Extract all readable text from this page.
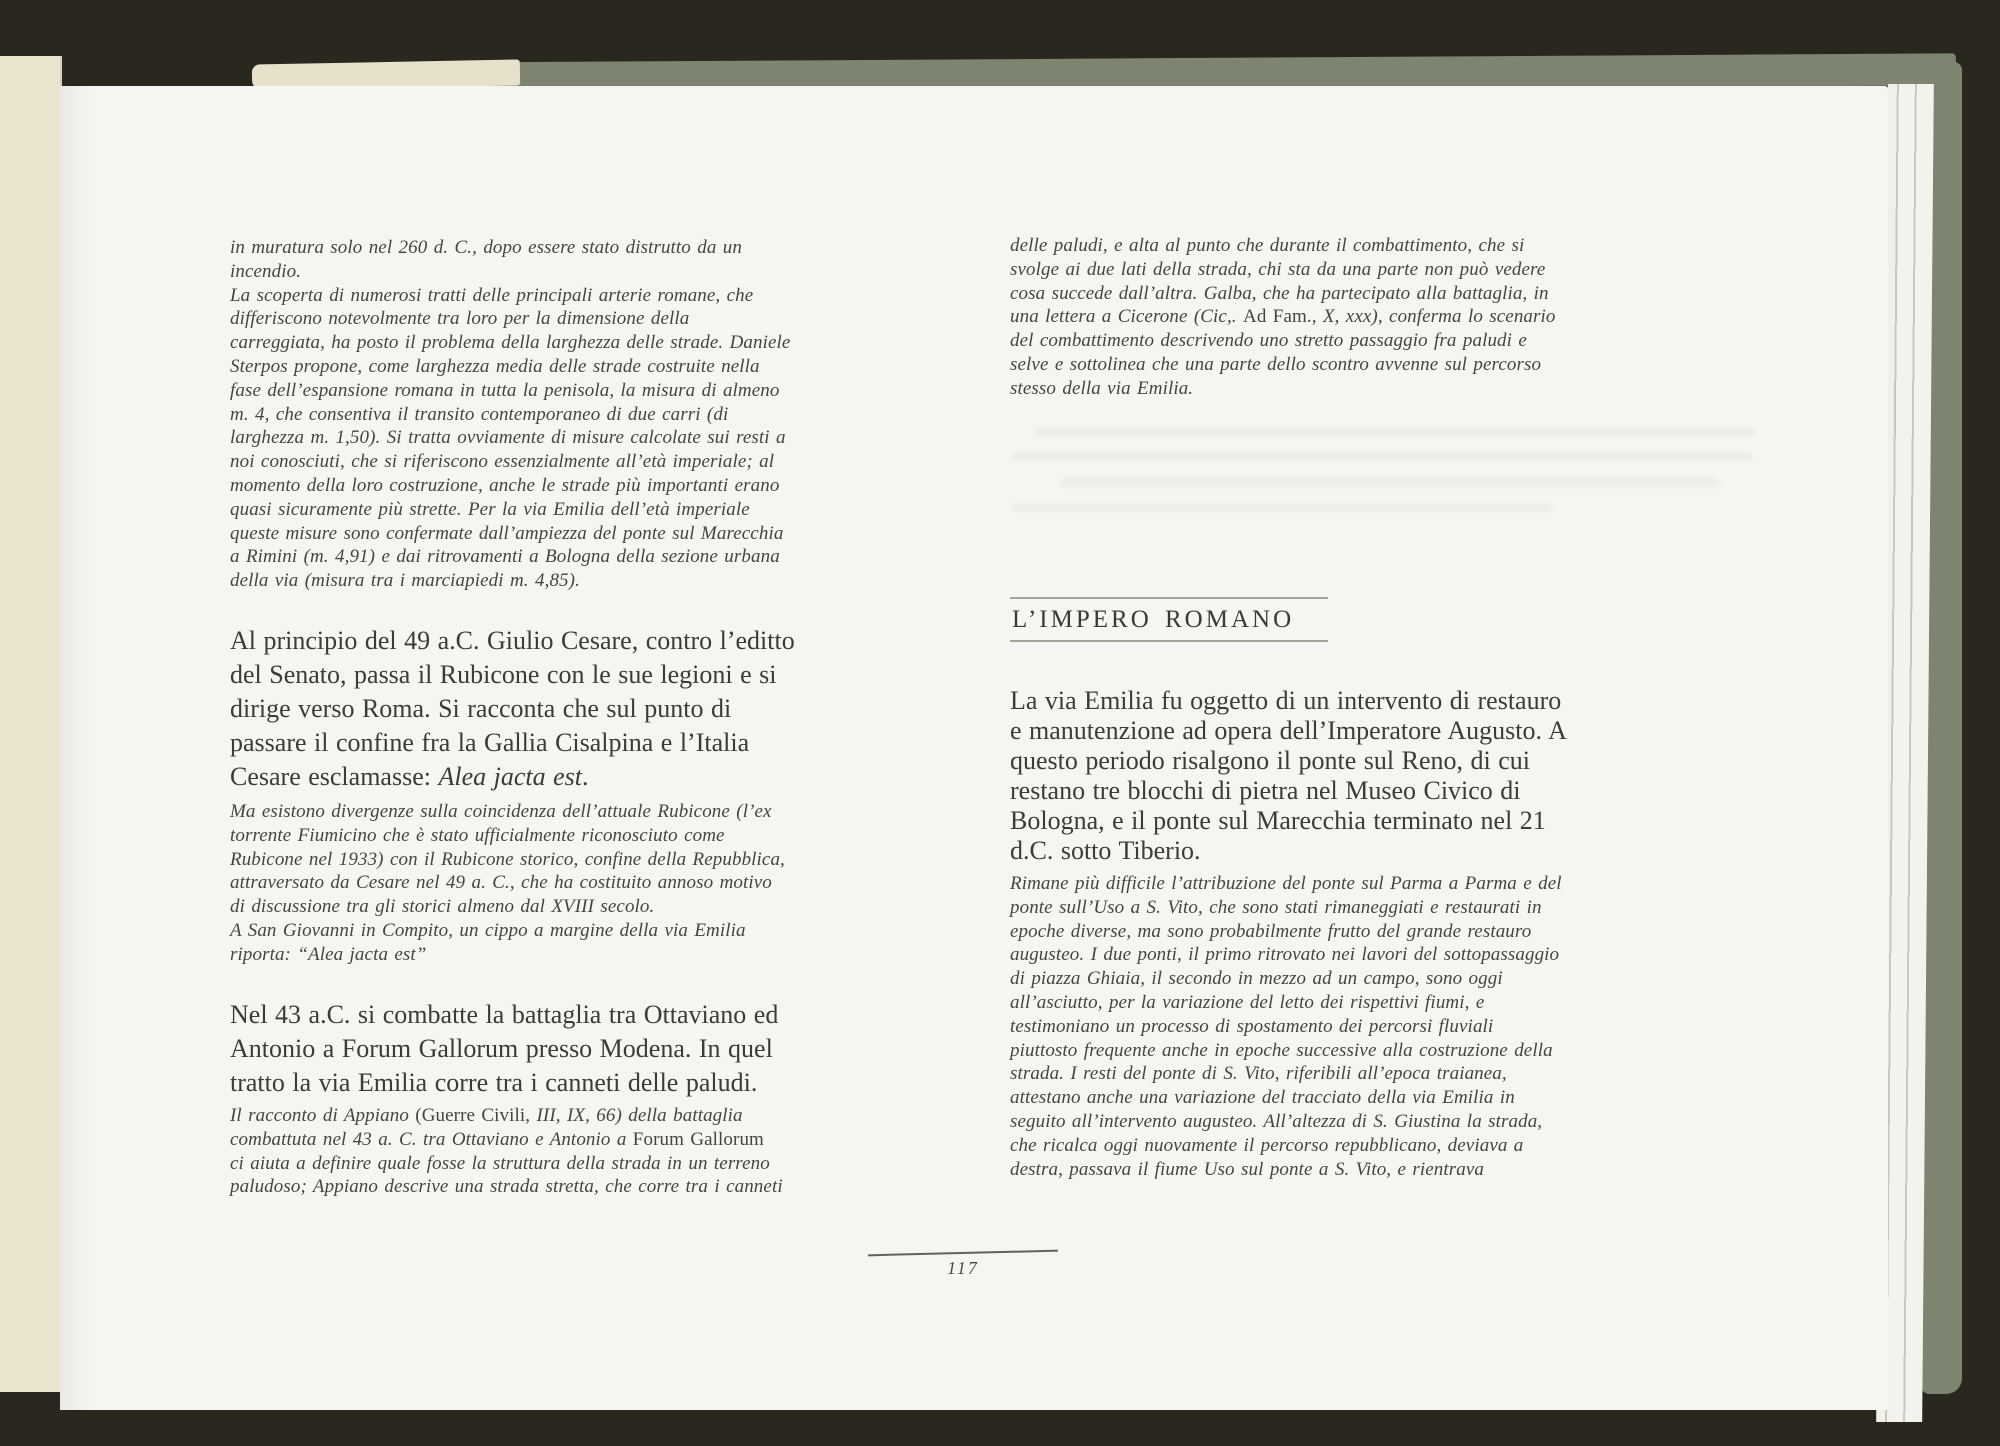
in muratura solo nel 260 d. C., dopo essere stato distrutto da un
incendio.
La scoperta di numerosi tratti delle principali arterie romane, che
differiscono notevolmente tra loro per la dimensione della
carreggiata, ha posto il problema della larghezza delle strade. Daniele
Sterpos propone, come larghezza media delle strade costruite nella
fase dell’espansione romana in tutta la penisola, la misura di almeno
m. 4, che consentiva il transito contemporaneo di due carri (di
larghezza m. 1,50). Si tratta ovviamente di misure calcolate sui resti a
noi conosciuti, che si riferiscono essenzialmente all’età imperiale; al
momento della loro costruzione, anche le strade più importanti erano
quasi sicuramente più strette. Per la via Emilia dell’età imperiale
queste misure sono confermate dall’ampiezza del ponte sul Marecchia
a Rimini (m. 4,91) e dai ritrovamenti a Bologna della sezione urbana
della via (misura tra i marciapiedi m. 4,85).
Al principio del 49 a.C. Giulio Cesare, contro l’editto
del Senato, passa il Rubicone con le sue legioni e si
dirige verso Roma. Si racconta che sul punto di
passare il confine fra la Gallia Cisalpina e l’Italia
Cesare esclamasse: Alea jacta est.
Ma esistono divergenze sulla coincidenza dell’attuale Rubicone (l’ex
torrente Fiumicino che è stato ufficialmente riconosciuto come
Rubicone nel 1933) con il Rubicone storico, confine della Repubblica,
attraversato da Cesare nel 49 a. C., che ha costituito annoso motivo
di discussione tra gli storici almeno dal XVIII secolo.
A San Giovanni in Compito, un cippo a margine della via Emilia
riporta: “Alea jacta est”
Nel 43 a.C. si combatte la battaglia tra Ottaviano ed
Antonio a Forum Gallorum presso Modena. In quel
tratto la via Emilia corre tra i canneti delle paludi.
Il racconto di Appiano (Guerre Civili, III, IX, 66) della battaglia
combattuta nel 43 a. C. tra Ottaviano e Antonio a Forum Gallorum
ci aiuta a definire quale fosse la struttura della strada in un terreno
paludoso; Appiano descrive una strada stretta, che corre tra i canneti
delle paludi, e alta al punto che durante il combattimento, che si
svolge ai due lati della strada, chi sta da una parte non può vedere
cosa succede dall’altra. Galba, che ha partecipato alla battaglia, in
una lettera a Cicerone (Cic,. Ad Fam., X, xxx), conferma lo scenario
del combattimento descrivendo uno stretto passaggio fra paludi e
selve e sottolinea che una parte dello scontro avvenne sul percorso
stesso della via Emilia.
La via Emilia fu oggetto di un intervento di restauro
e manutenzione ad opera dell’Imperatore Augusto. A
questo periodo risalgono il ponte sul Reno, di cui
restano tre blocchi di pietra nel Museo Civico di
Bologna, e il ponte sul Marecchia terminato nel 21
d.C. sotto Tiberio.
Rimane più difficile l’attribuzione del ponte sul Parma a Parma e del
ponte sull’Uso a S. Vito, che sono stati rimaneggiati e restaurati in
epoche diverse, ma sono probabilmente frutto del grande restauro
augusteo. I due ponti, il primo ritrovato nei lavori del sottopassaggio
di piazza Ghiaia, il secondo in mezzo ad un campo, sono oggi
all’asciutto, per la variazione del letto dei rispettivi fiumi, e
testimoniano un processo di spostamento dei percorsi fluviali
piuttosto frequente anche in epoche successive alla costruzione della
strada. I resti del ponte di S. Vito, riferibili all’epoca traianea,
attestano anche una variazione del tracciato della via Emilia in
seguito all’intervento augusteo. All’altezza di S. Giustina la strada,
che ricalca oggi nuovamente il percorso repubblicano, deviava a
destra, passava il fiume Uso sul ponte a S. Vito, e rientrava
L’IMPERO ROMANO
117
